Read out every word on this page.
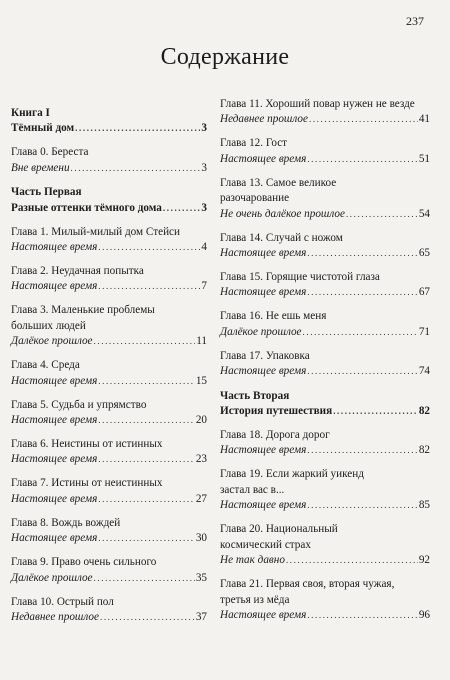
237
Содержание
Книга I
Тёмный дом .....	3
Глава 0. Береста
Вне времени .....	3
Часть Первая
Разные оттенки тёмного дома .....	3
Глава 1. Милый-милый дом Стейси
Настоящее время .....	4
Глава 2. Неудачная попытка
Настоящее время .....	7
Глава 3. Маленькие проблемы
больших людей
Далёкое прошлое .....	11
Глава 4. Среда
Настоящее время .....	15
Глава 5. Судьба и упрямство
Настоящее время .....	20
Глава 6. Неистины от истинных
Настоящее время .....	23
Глава 7. Истины от неистинных
Настоящее время .....	27
Глава 8. Вождь вождей
Настоящее время .....	30
Глава 9. Право очень сильного
Далёкое прошлое .....	35
Глава 10. Острый пол
Недавнее прошлое .....	37
Глава 11. Хороший повар нужен не везде
Недавнее прошлое .....	41
Глава 12. Гост
Настоящее время .....	51
Глава 13. Самое великое
разочарование
Не очень далёкое прошлое .....	54
Глава 14. Случай с ножом
Настоящее время .....	65
Глава 15. Горящие чистотой глаза
Настоящее время .....	67
Глава 16. Не ешь меня
Далёкое прошлое .....	71
Глава 17. Упаковка
Настоящее время .....	74
Часть Вторая
История путешествия .....	82
Глава 18. Дорога дорог
Настоящее время .....	82
Глава 19. Если жаркий уикенд
застал вас в...
Настоящее время .....	85
Глава 20. Национальный
космический страх
Не так давно .....	92
Глава 21. Первая своя, вторая чужая,
третья из мёда
Настоящее время .....	96
